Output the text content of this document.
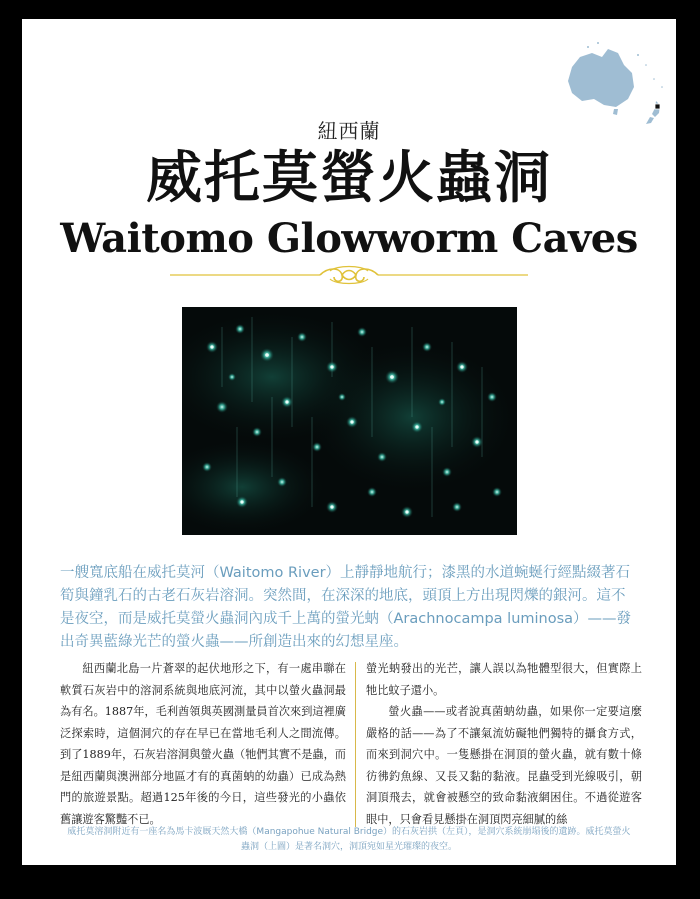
紐西蘭
威托莫螢火蟲洞
Waitomo Glowworm Caves

一艘寬底船在威托莫河（Waitomo River）上靜靜地航行；漆黑的水道蜿蜒行經點綴著石筍與鐘乳石的古老石灰岩溶洞。突然間，在深深的地底，頭頂上方出現閃爍的銀河。這不是夜空，而是威托莫螢火蟲洞內成千上萬的螢光蚋（Arachnocampa luminosa）——發出奇異藍綠光芒的螢火蟲——所創造出來的幻想星座。

紐西蘭北島一片蒼翠的起伏地形之下，有一處串聯在軟質石灰岩中的溶洞系統與地底河流，其中以螢火蟲洞最為有名。1887年，毛利酋領與英國測量員首次來到這裡廣泛探索時，這個洞穴的存在早已在當地毛利人之間流傳。到了1889年，石灰岩溶洞與螢火蟲（牠們其實不是蟲，而是紐西蘭與澳洲部分地區才有的真菌蚋的幼蟲）已成為熱門的旅遊景點。超過125年後的今日，這些發光的小蟲依舊讓遊客驚豔不已。

螢光蚋發出的光芒，讓人誤以為牠體型很大，但實際上牠比蚊子還小。

螢火蟲——或者說真菌蚋幼蟲，如果你一定要這麼嚴格的話——為了不讓氣流妨礙牠們獨特的攝食方式，而來到洞穴中。一隻懸掛在洞頂的螢火蟲，就有數十條彷彿釣魚線、又長又黏的黏液。昆蟲受到光線吸引，朝洞頂飛去，就會被懸空的致命黏液網困住。不過從遊客眼中，只會看見懸掛在洞頂閃亮細膩的絲

威托莫溶洞附近有一座名為馬卡波厩天然大橋（Mangapohue Natural Bridge）的石灰岩拱（左頁），是洞穴系統崩塌後的遺跡。威托莫螢火蟲洞（上圖）是著名洞穴，洞頂宛如星光璀璨的夜空。
